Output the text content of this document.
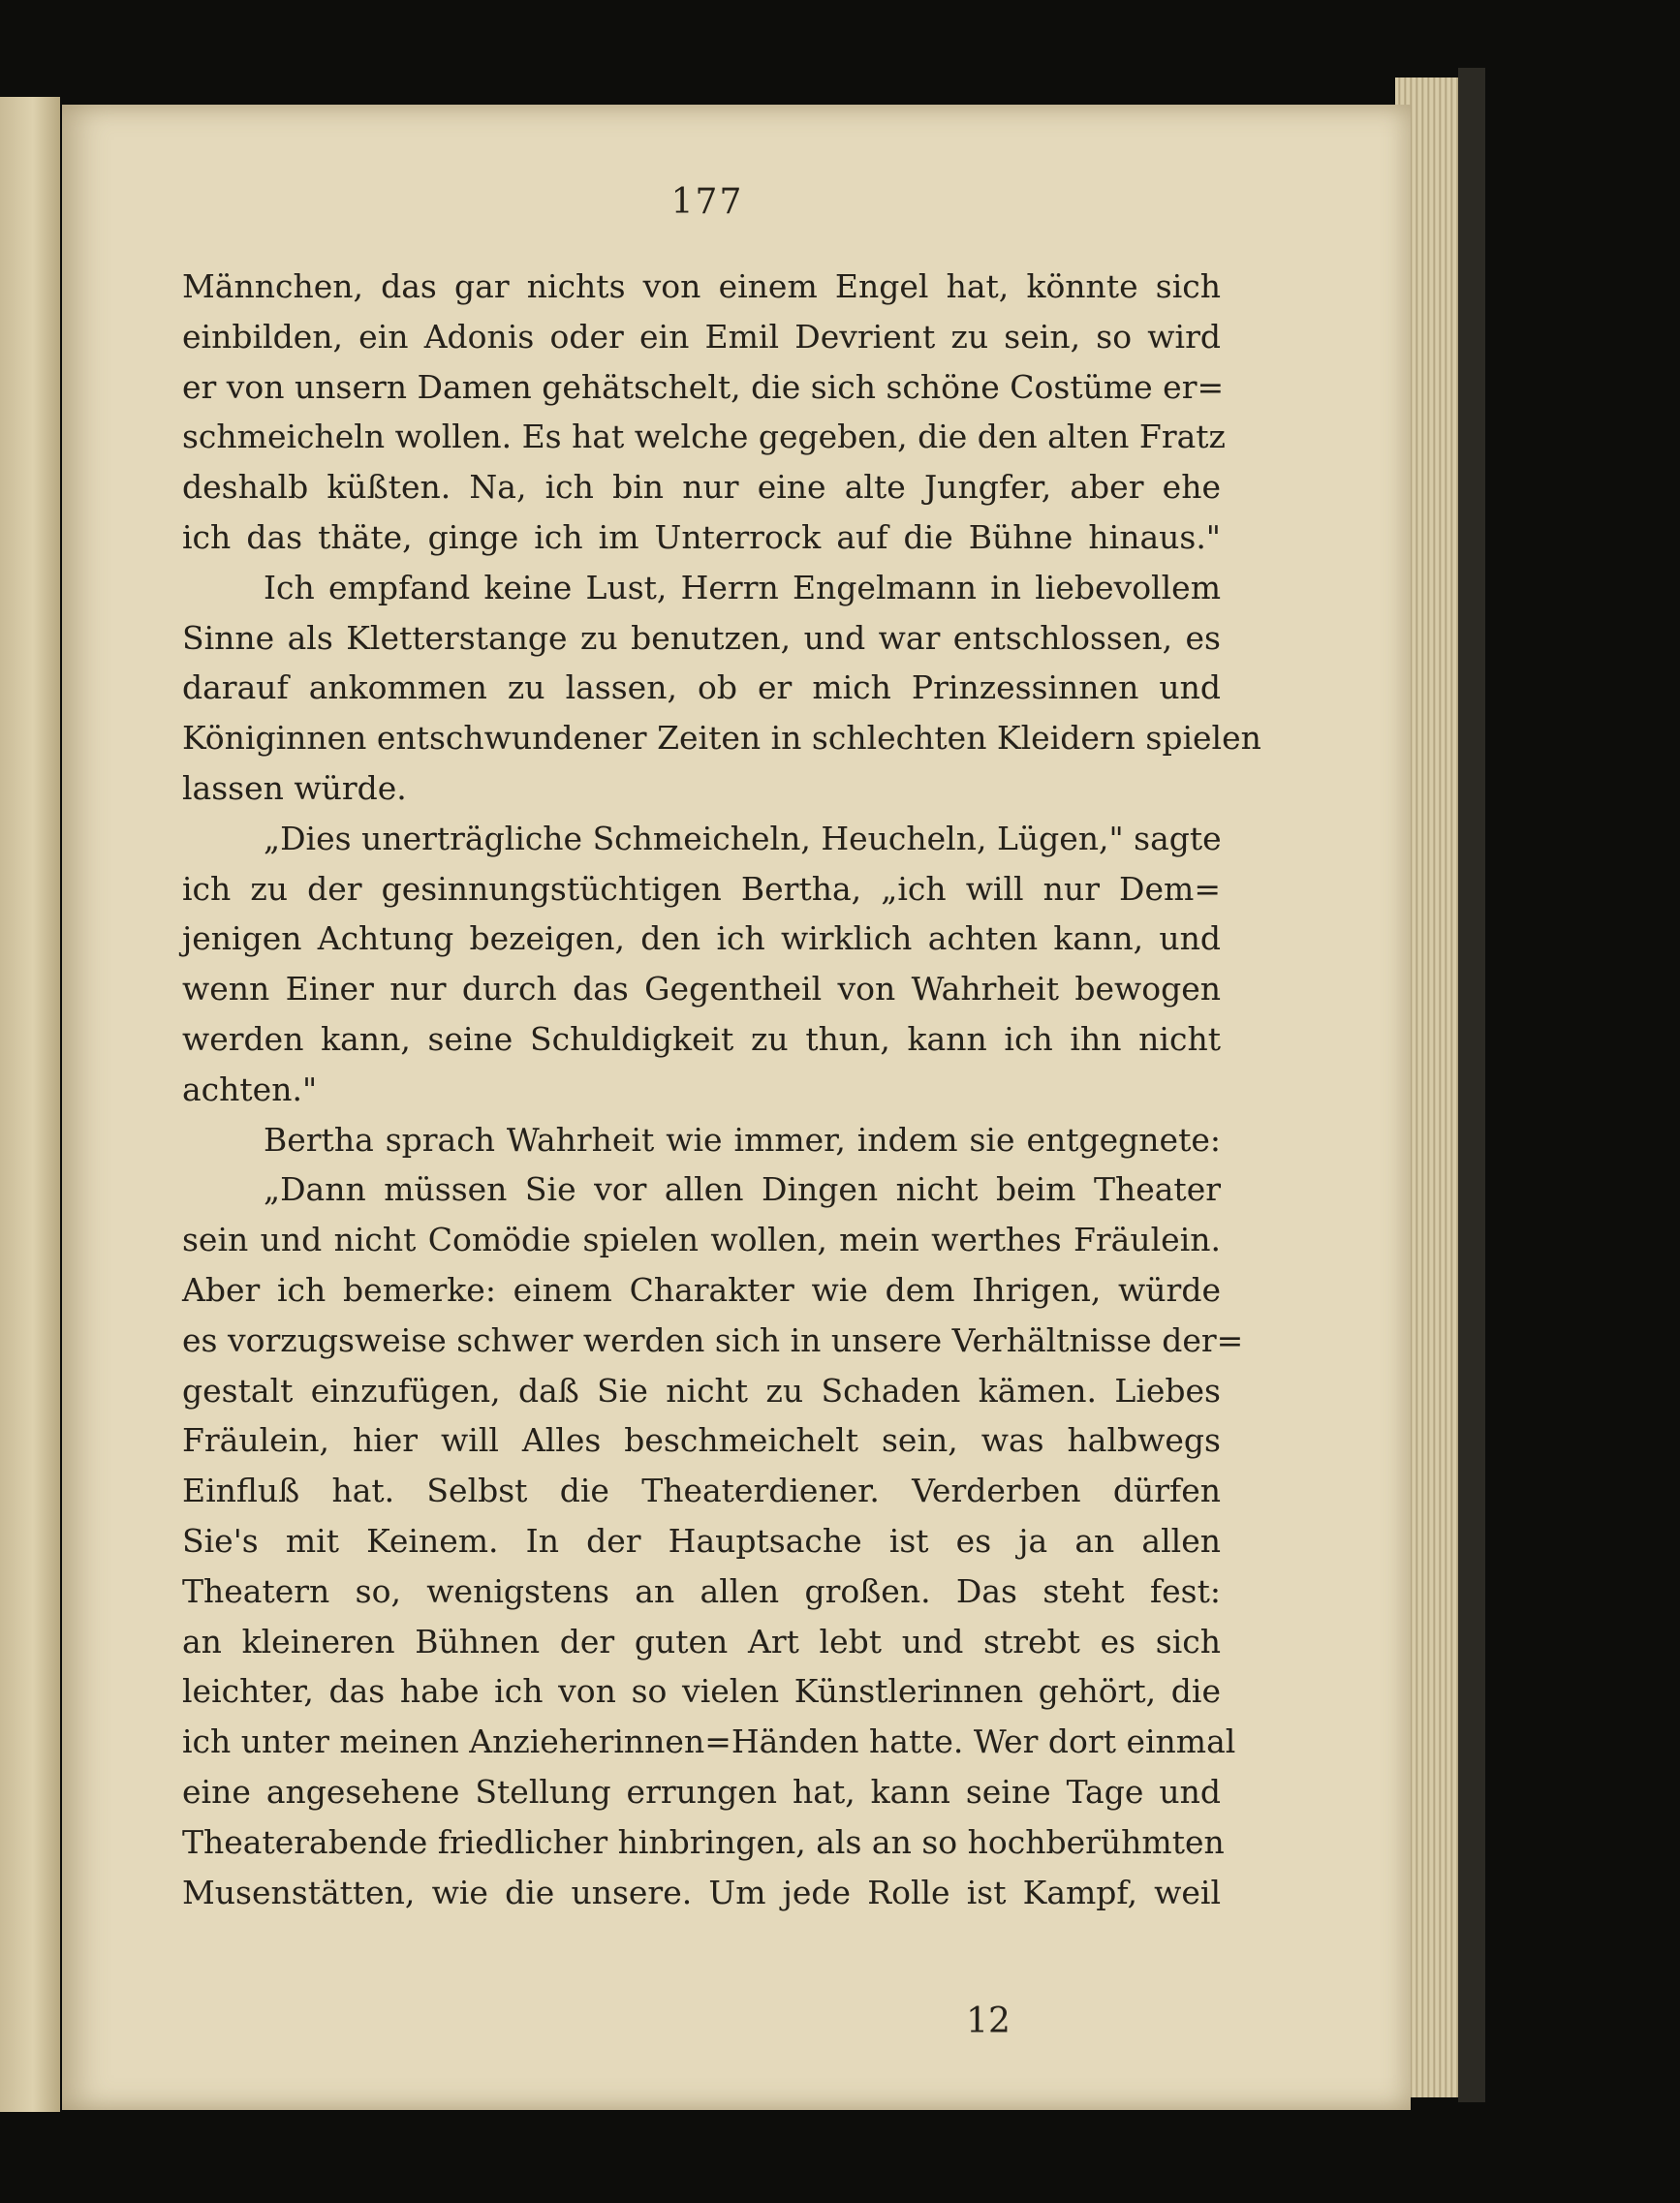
177
Männchen, das gar nichts von einem Engel hat, könnte sich
einbilden, ein Adonis oder ein Emil Devrient zu sein, so wird
er von unsern Damen gehätschelt, die sich schöne Costüme er=
schmeicheln wollen. Es hat welche gegeben, die den alten Fratz
deshalb küßten. Na, ich bin nur eine alte Jungfer, aber ehe
ich das thäte, ginge ich im Unterrock auf die Bühne hinaus."
Ich empfand keine Lust, Herrn Engelmann in liebevollem
Sinne als Kletterstange zu benutzen, und war entschlossen, es
darauf ankommen zu lassen, ob er mich Prinzessinnen und
Königinnen entschwundener Zeiten in schlechten Kleidern spielen
lassen würde.
„Dies unerträgliche Schmeicheln, Heucheln, Lügen," sagte
ich zu der gesinnungstüchtigen Bertha, „ich will nur Dem=
jenigen Achtung bezeigen, den ich wirklich achten kann, und
wenn Einer nur durch das Gegentheil von Wahrheit bewogen
werden kann, seine Schuldigkeit zu thun, kann ich ihn nicht
achten."
Bertha sprach Wahrheit wie immer, indem sie entgegnete:
„Dann müssen Sie vor allen Dingen nicht beim Theater
sein und nicht Comödie spielen wollen, mein werthes Fräulein.
Aber ich bemerke: einem Charakter wie dem Ihrigen, würde
es vorzugsweise schwer werden sich in unsere Verhältnisse der=
gestalt einzufügen, daß Sie nicht zu Schaden kämen. Liebes
Fräulein, hier will Alles beschmeichelt sein, was halbwegs
Einfluß hat. Selbst die Theaterdiener. Verderben dürfen
Sie's mit Keinem. In der Hauptsache ist es ja an allen
Theatern so, wenigstens an allen großen. Das steht fest:
an kleineren Bühnen der guten Art lebt und strebt es sich
leichter, das habe ich von so vielen Künstlerinnen gehört, die
ich unter meinen Anzieherinnen=Händen hatte. Wer dort einmal
eine angesehene Stellung errungen hat, kann seine Tage und
Theaterabende friedlicher hinbringen, als an so hochberühmten
Musenstätten, wie die unsere. Um jede Rolle ist Kampf, weil
12
